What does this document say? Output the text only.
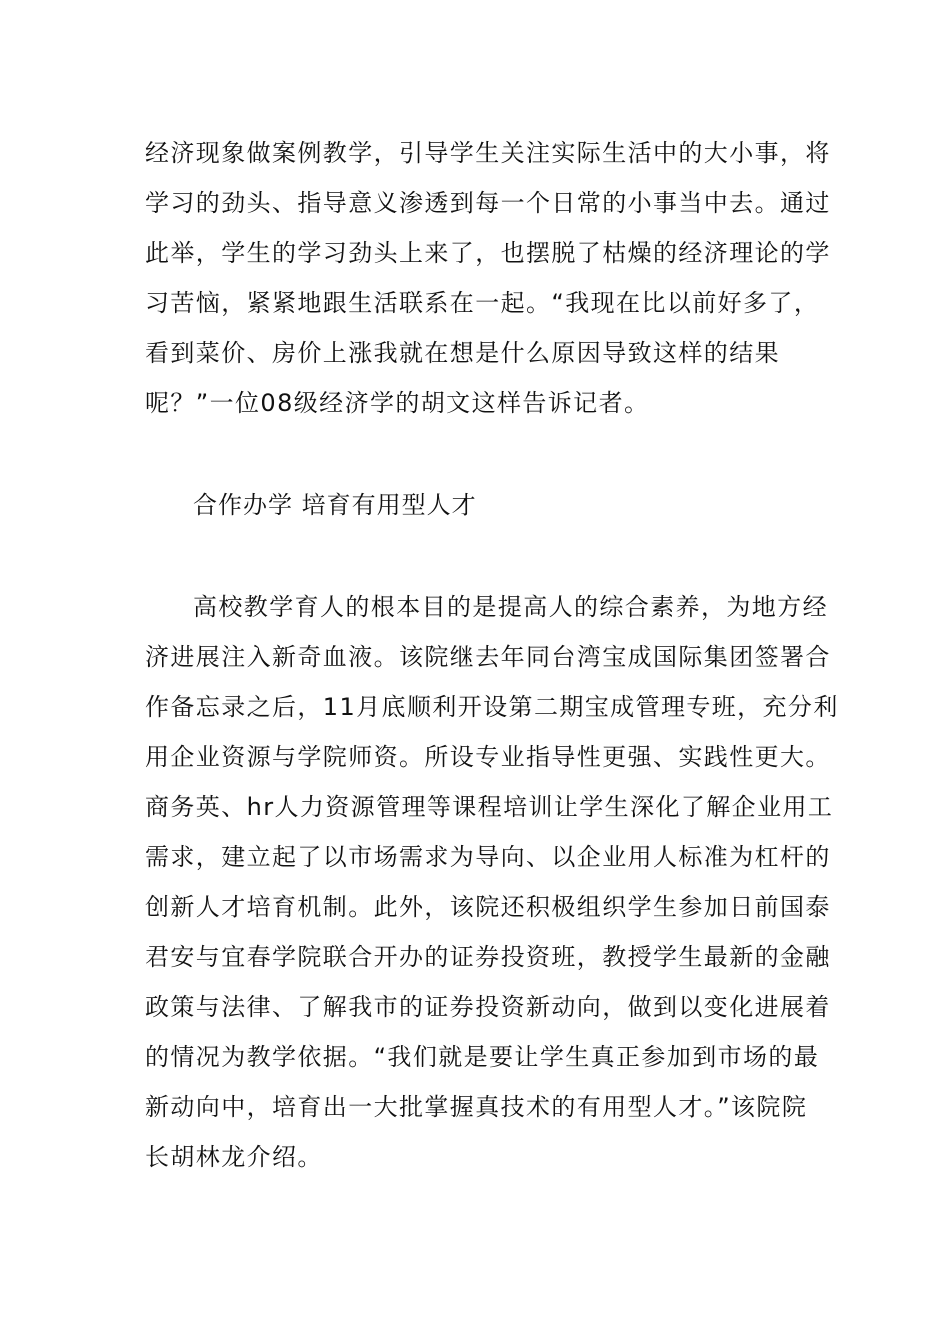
经济现象做案例教学，引导学生关注实际生活中的大小事，将
学习的劲头、指导意义渗透到每一个日常的小事当中去。通过
此举，学生的学习劲头上来了，也摆脱了枯燥的经济理论的学
习苦恼，紧紧地跟生活联系在一起。“我现在比以前好多了，
看到菜价、房价上涨我就在想是什么原因导致这样的结果
呢？”一位08级经济学的胡文这样告诉记者。
合作办学 培育有用型人才
高校教学育人的根本目的是提高人的综合素养，为地方经
济进展注入新奇血液。该院继去年同台湾宝成国际集团签署合
作备忘录之后，11月底顺利开设第二期宝成管理专班，充分利
用企业资源与学院师资。所设专业指导性更强、实践性更大。
商务英、hr人力资源管理等课程培训让学生深化了解企业用工
需求，建立起了以市场需求为导向、以企业用人标准为杠杆的
创新人才培育机制。此外，该院还积极组织学生参加日前国泰
君安与宜春学院联合开办的证券投资班，教授学生最新的金融
政策与法律、了解我市的证券投资新动向，做到以变化进展着
的情况为教学依据。“我们就是要让学生真正参加到市场的最
新动向中，培育出一大批掌握真技术的有用型人才。”该院院
长胡林龙介绍。
